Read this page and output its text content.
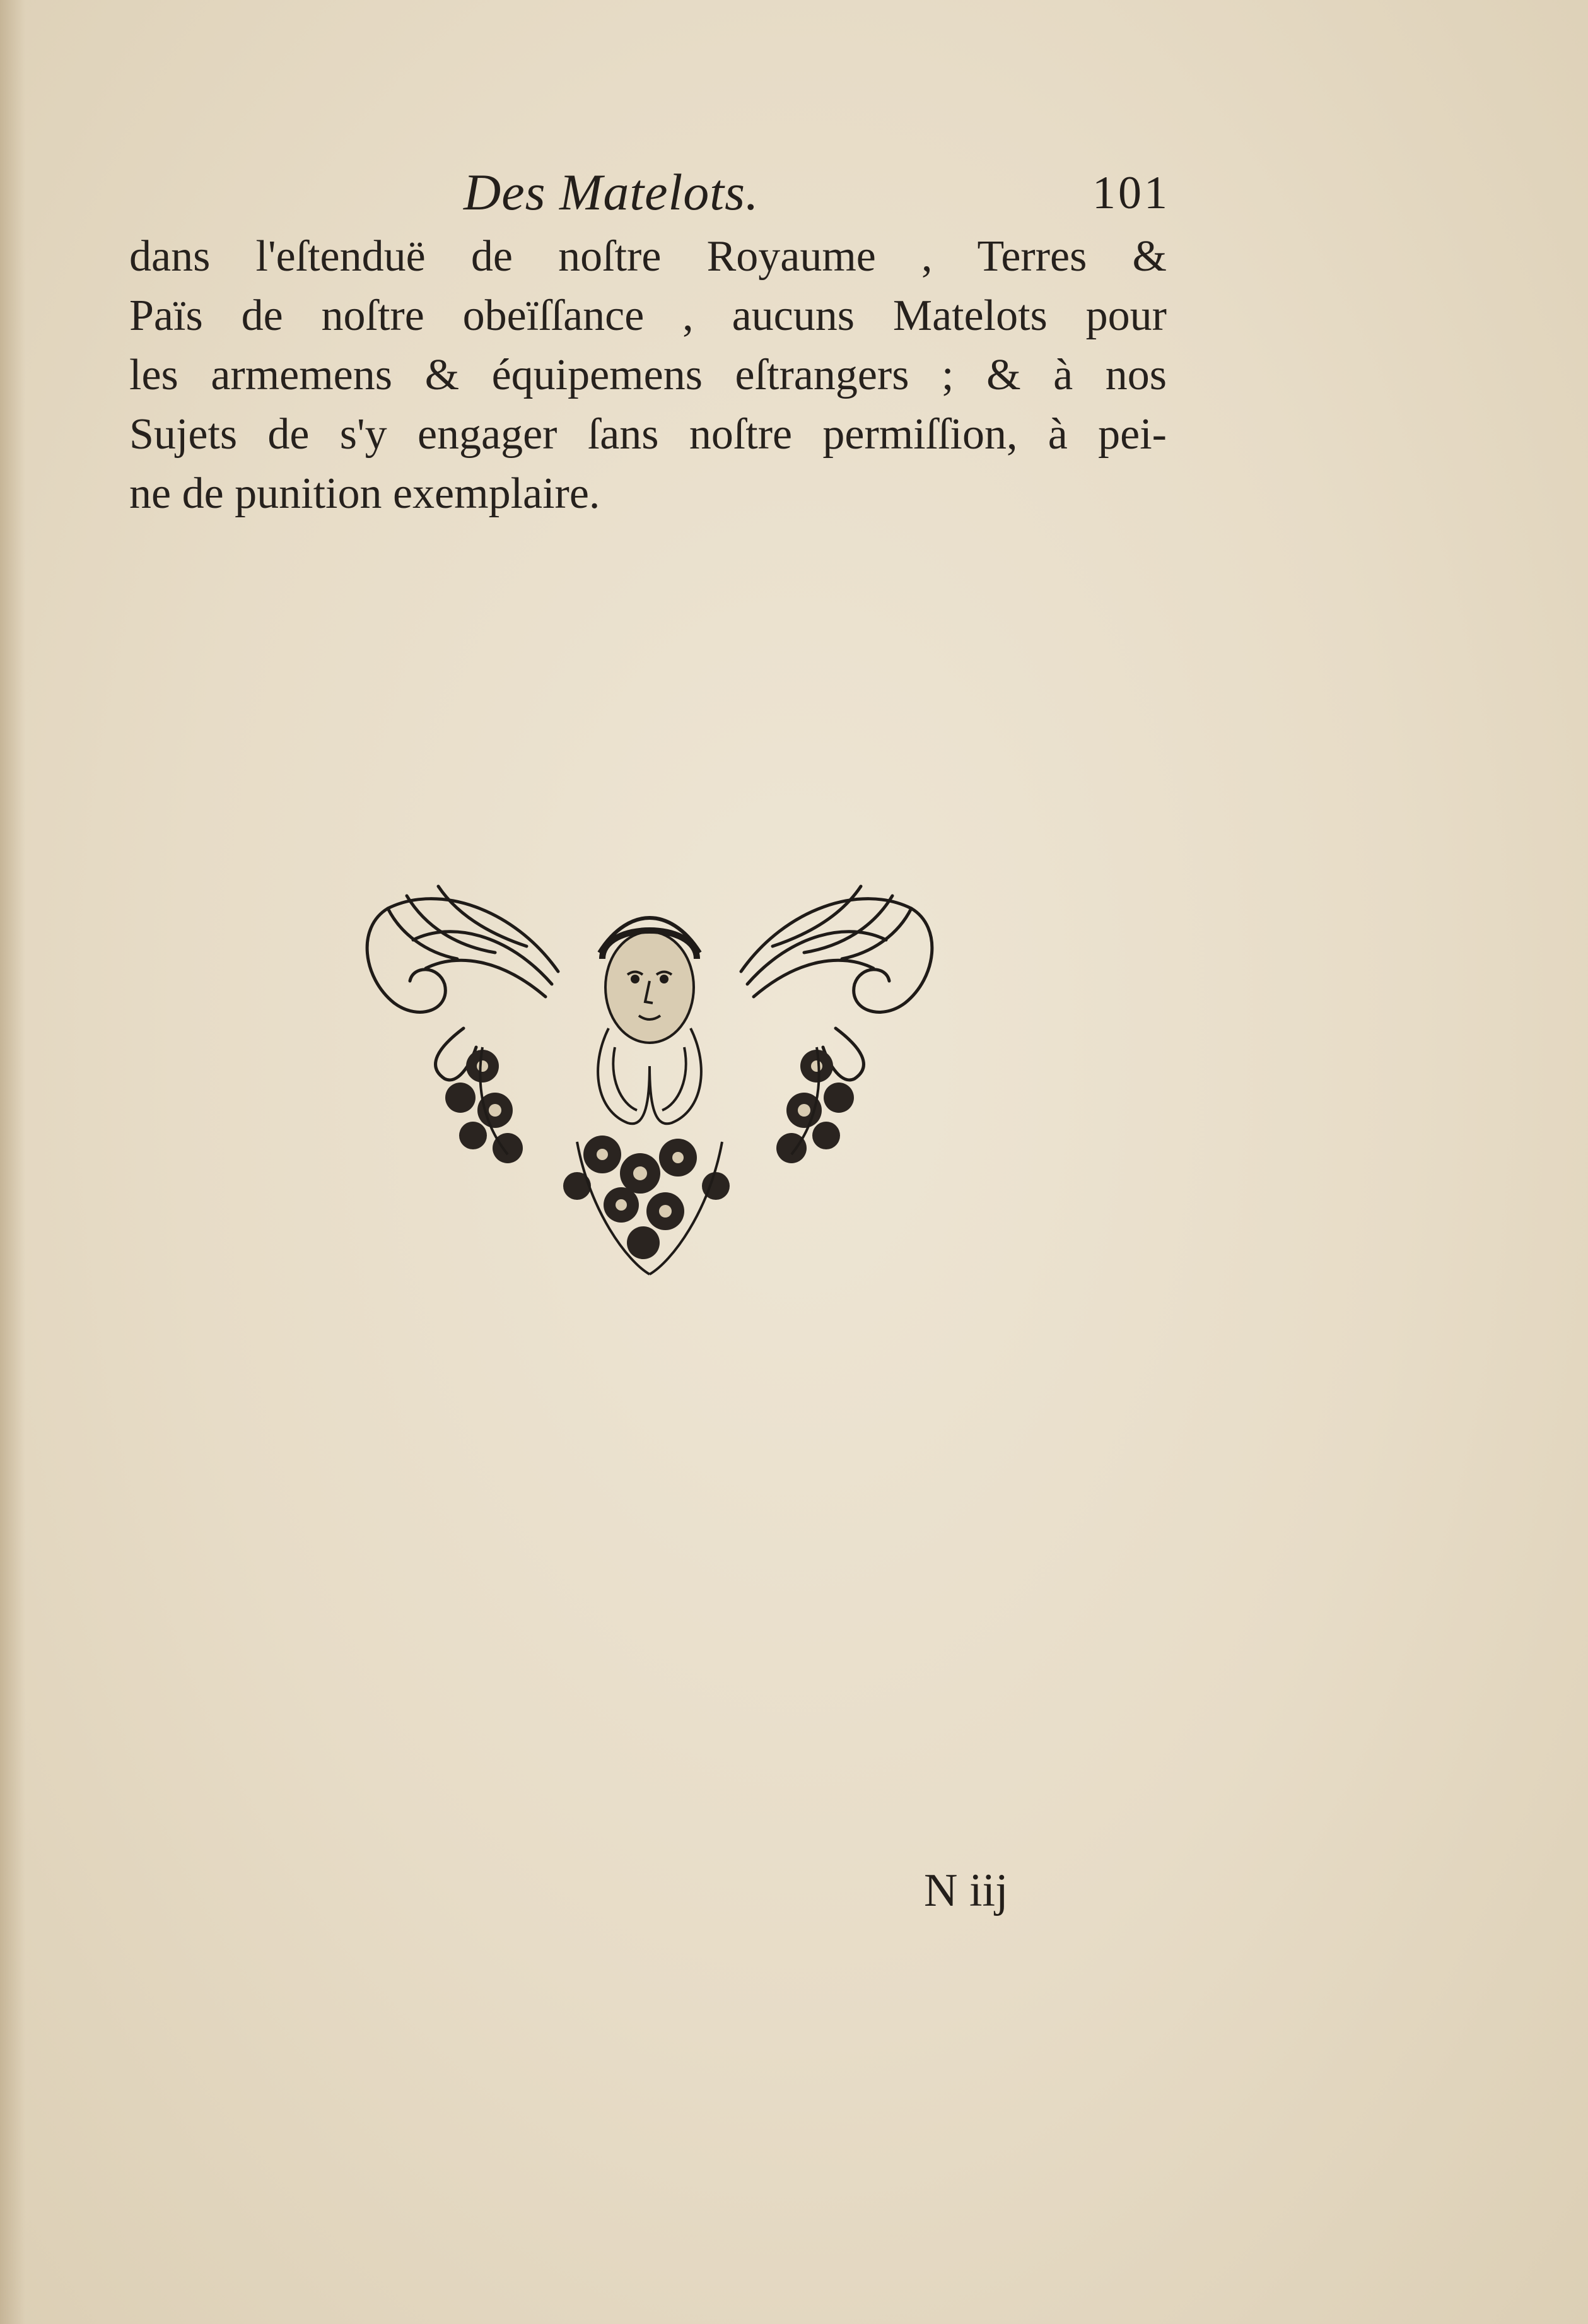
Des Matelots.	101
dans l'eſtenduë de noſtre Royaume , Terres &
Païs de noſtre obeïſſance , aucuns Matelots pour
les armemens & équipemens eſtrangers ; & à nos
Sujets de s'y engager ſans noſtre permiſſion, à pei-
ne de punition exemplaire.
N iij
